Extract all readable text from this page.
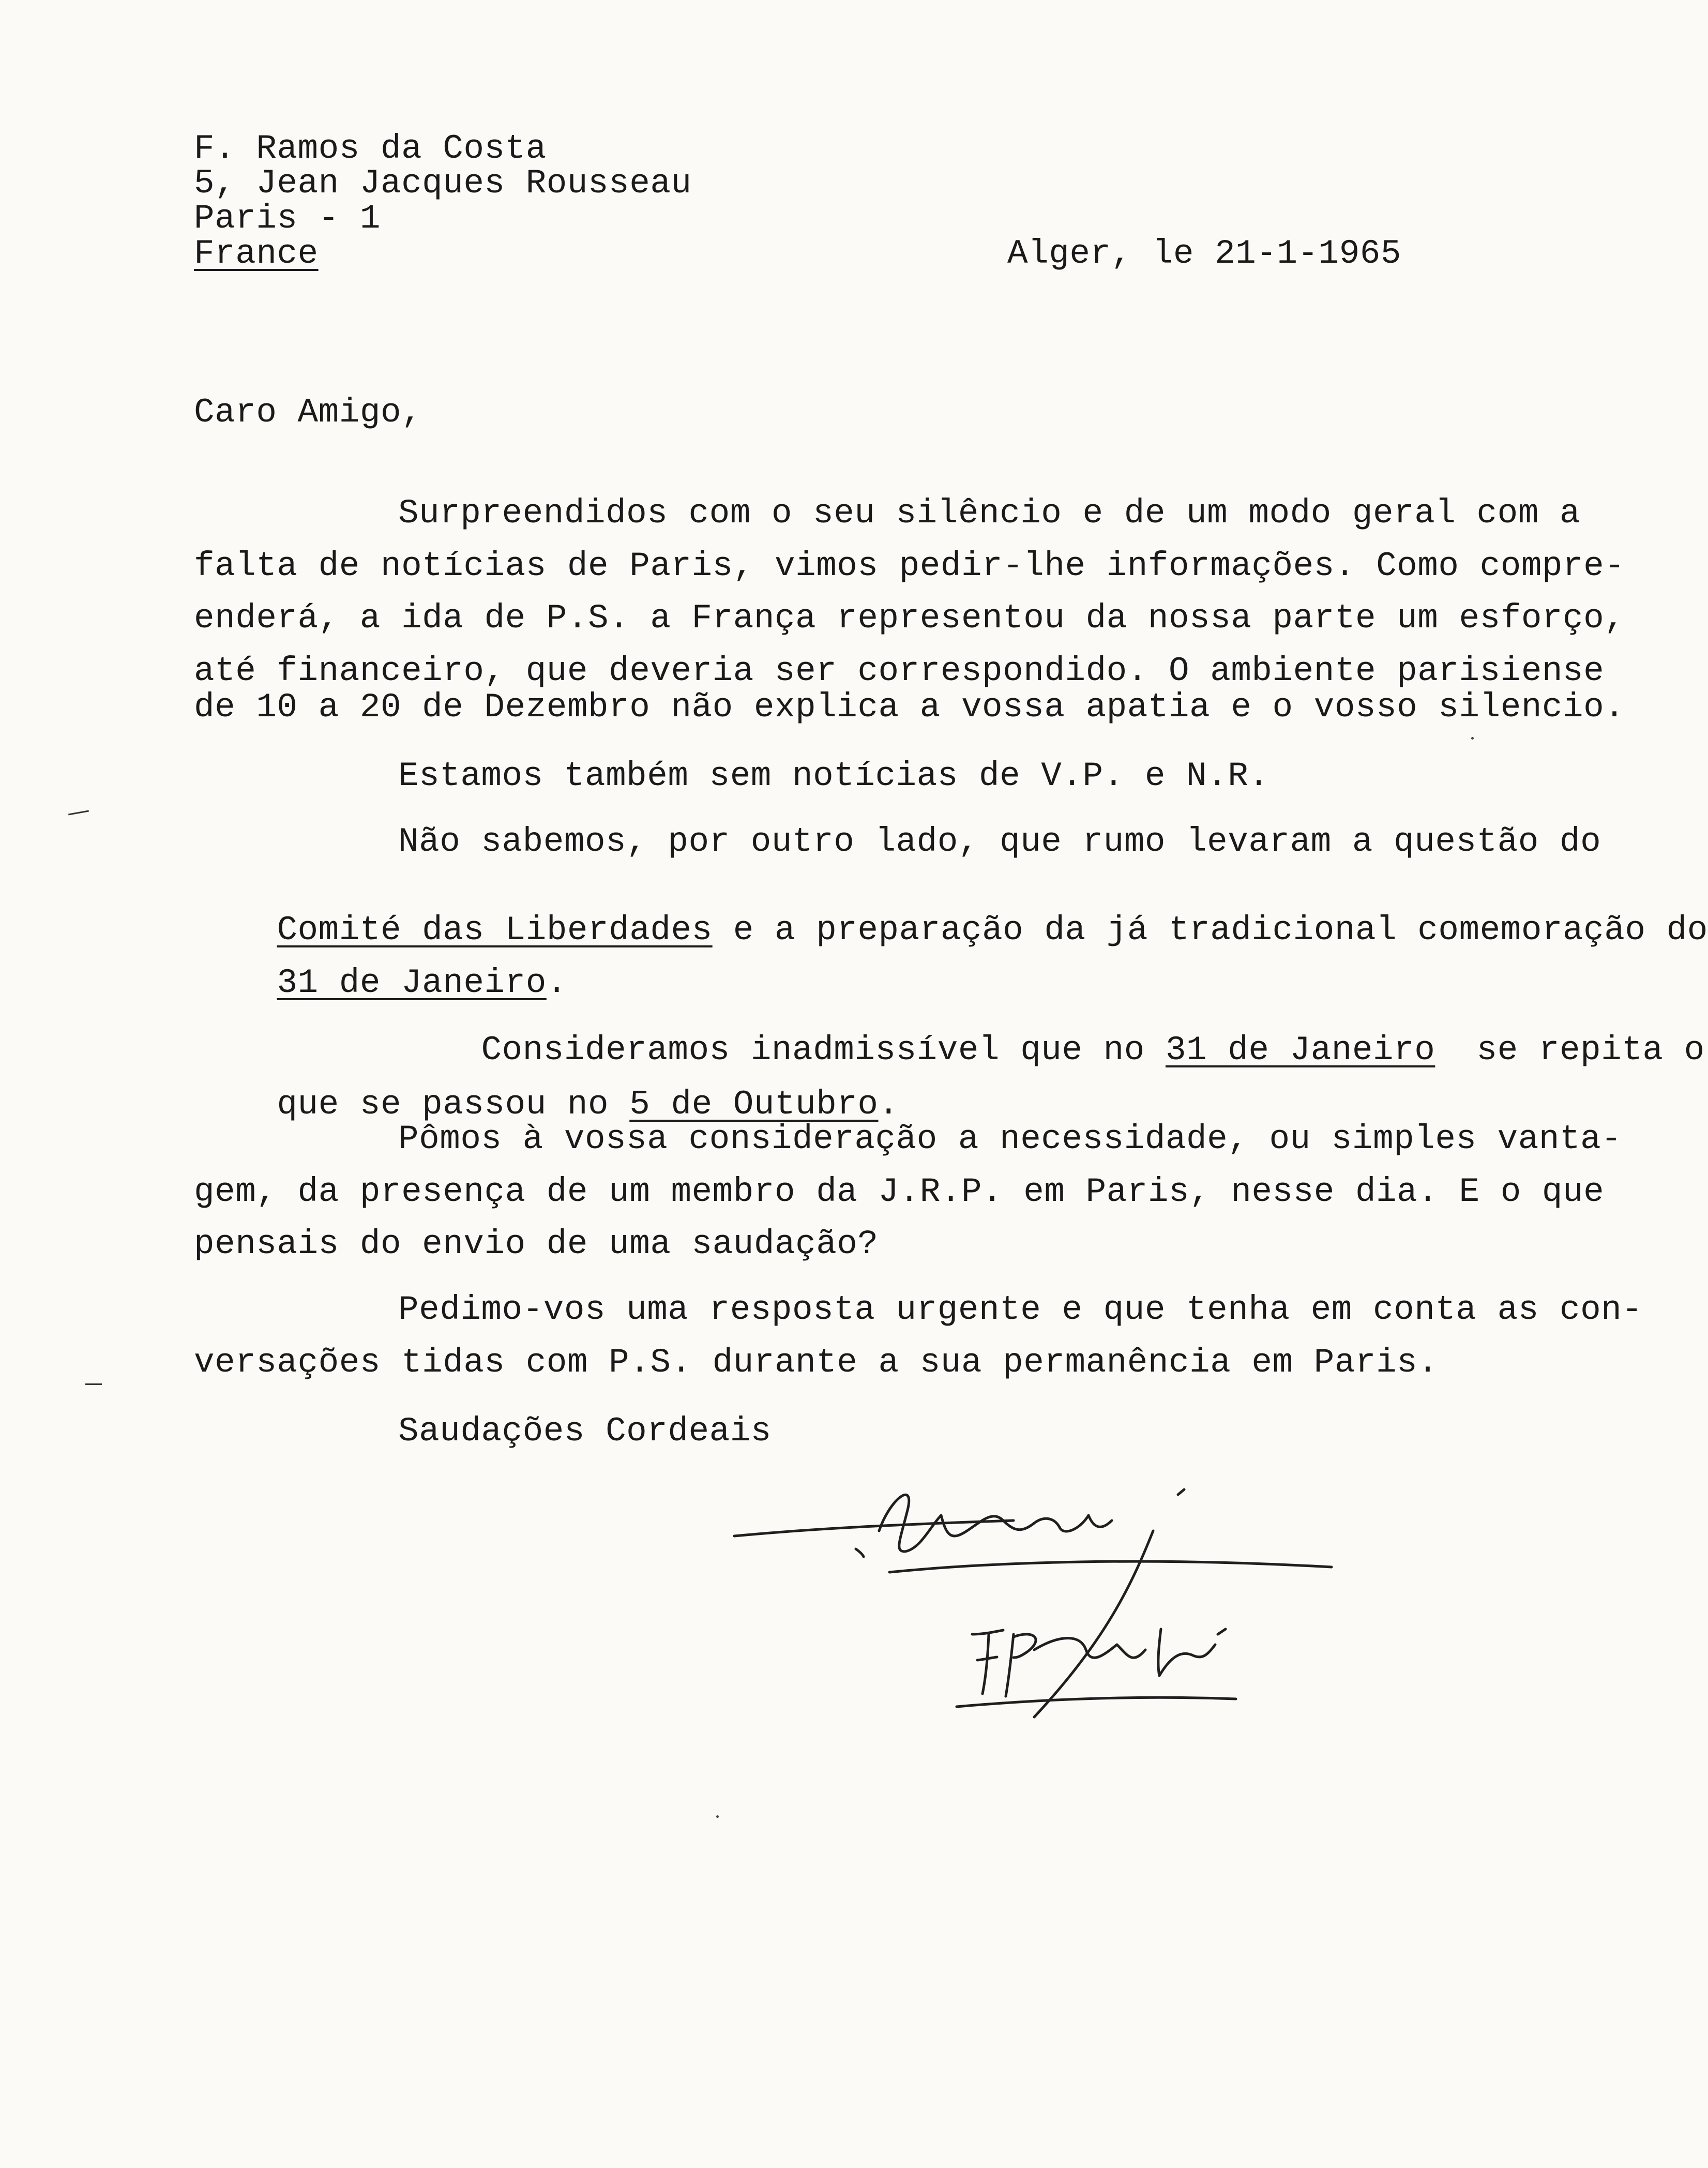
F. Ramos da Costa
5, Jean Jacques Rousseau
Paris - 1
France	Alger, le 21-1-1965
Caro Amigo,
Surpreendidos com o seu silêncio e de um modo geral com a
falta de notícias de Paris, vimos pedir-lhe informações. Como compre-
enderá, a ida de P.S. a França representou da nossa parte um esforço,
até financeiro, que deveria ser correspondido. O ambiente parisiense
de 10 a 20 de Dezembro não explica a vossa apatia e o vosso silencio.
Estamos também sem notícias de V.P. e N.R.
Não sabemos, por outro lado, que rumo levaram a questão do

Comité das Liberdades e a preparação da já tradicional comemoração do

31 de Janeiro.

Consideramos inadmissível que no 31 de Janeiro  se repita o

que se passou no 5 de Outubro.

Pômos à vossa consideração a necessidade, ou simples vanta-
gem, da presença de um membro da J.R.P. em Paris, nesse dia. E o que
pensais do envio de uma saudação?
Pedimo-vos uma resposta urgente e que tenha em conta as con-
versações tidas com P.S. durante a sua permanência em Paris.
Saudações Cordeais
